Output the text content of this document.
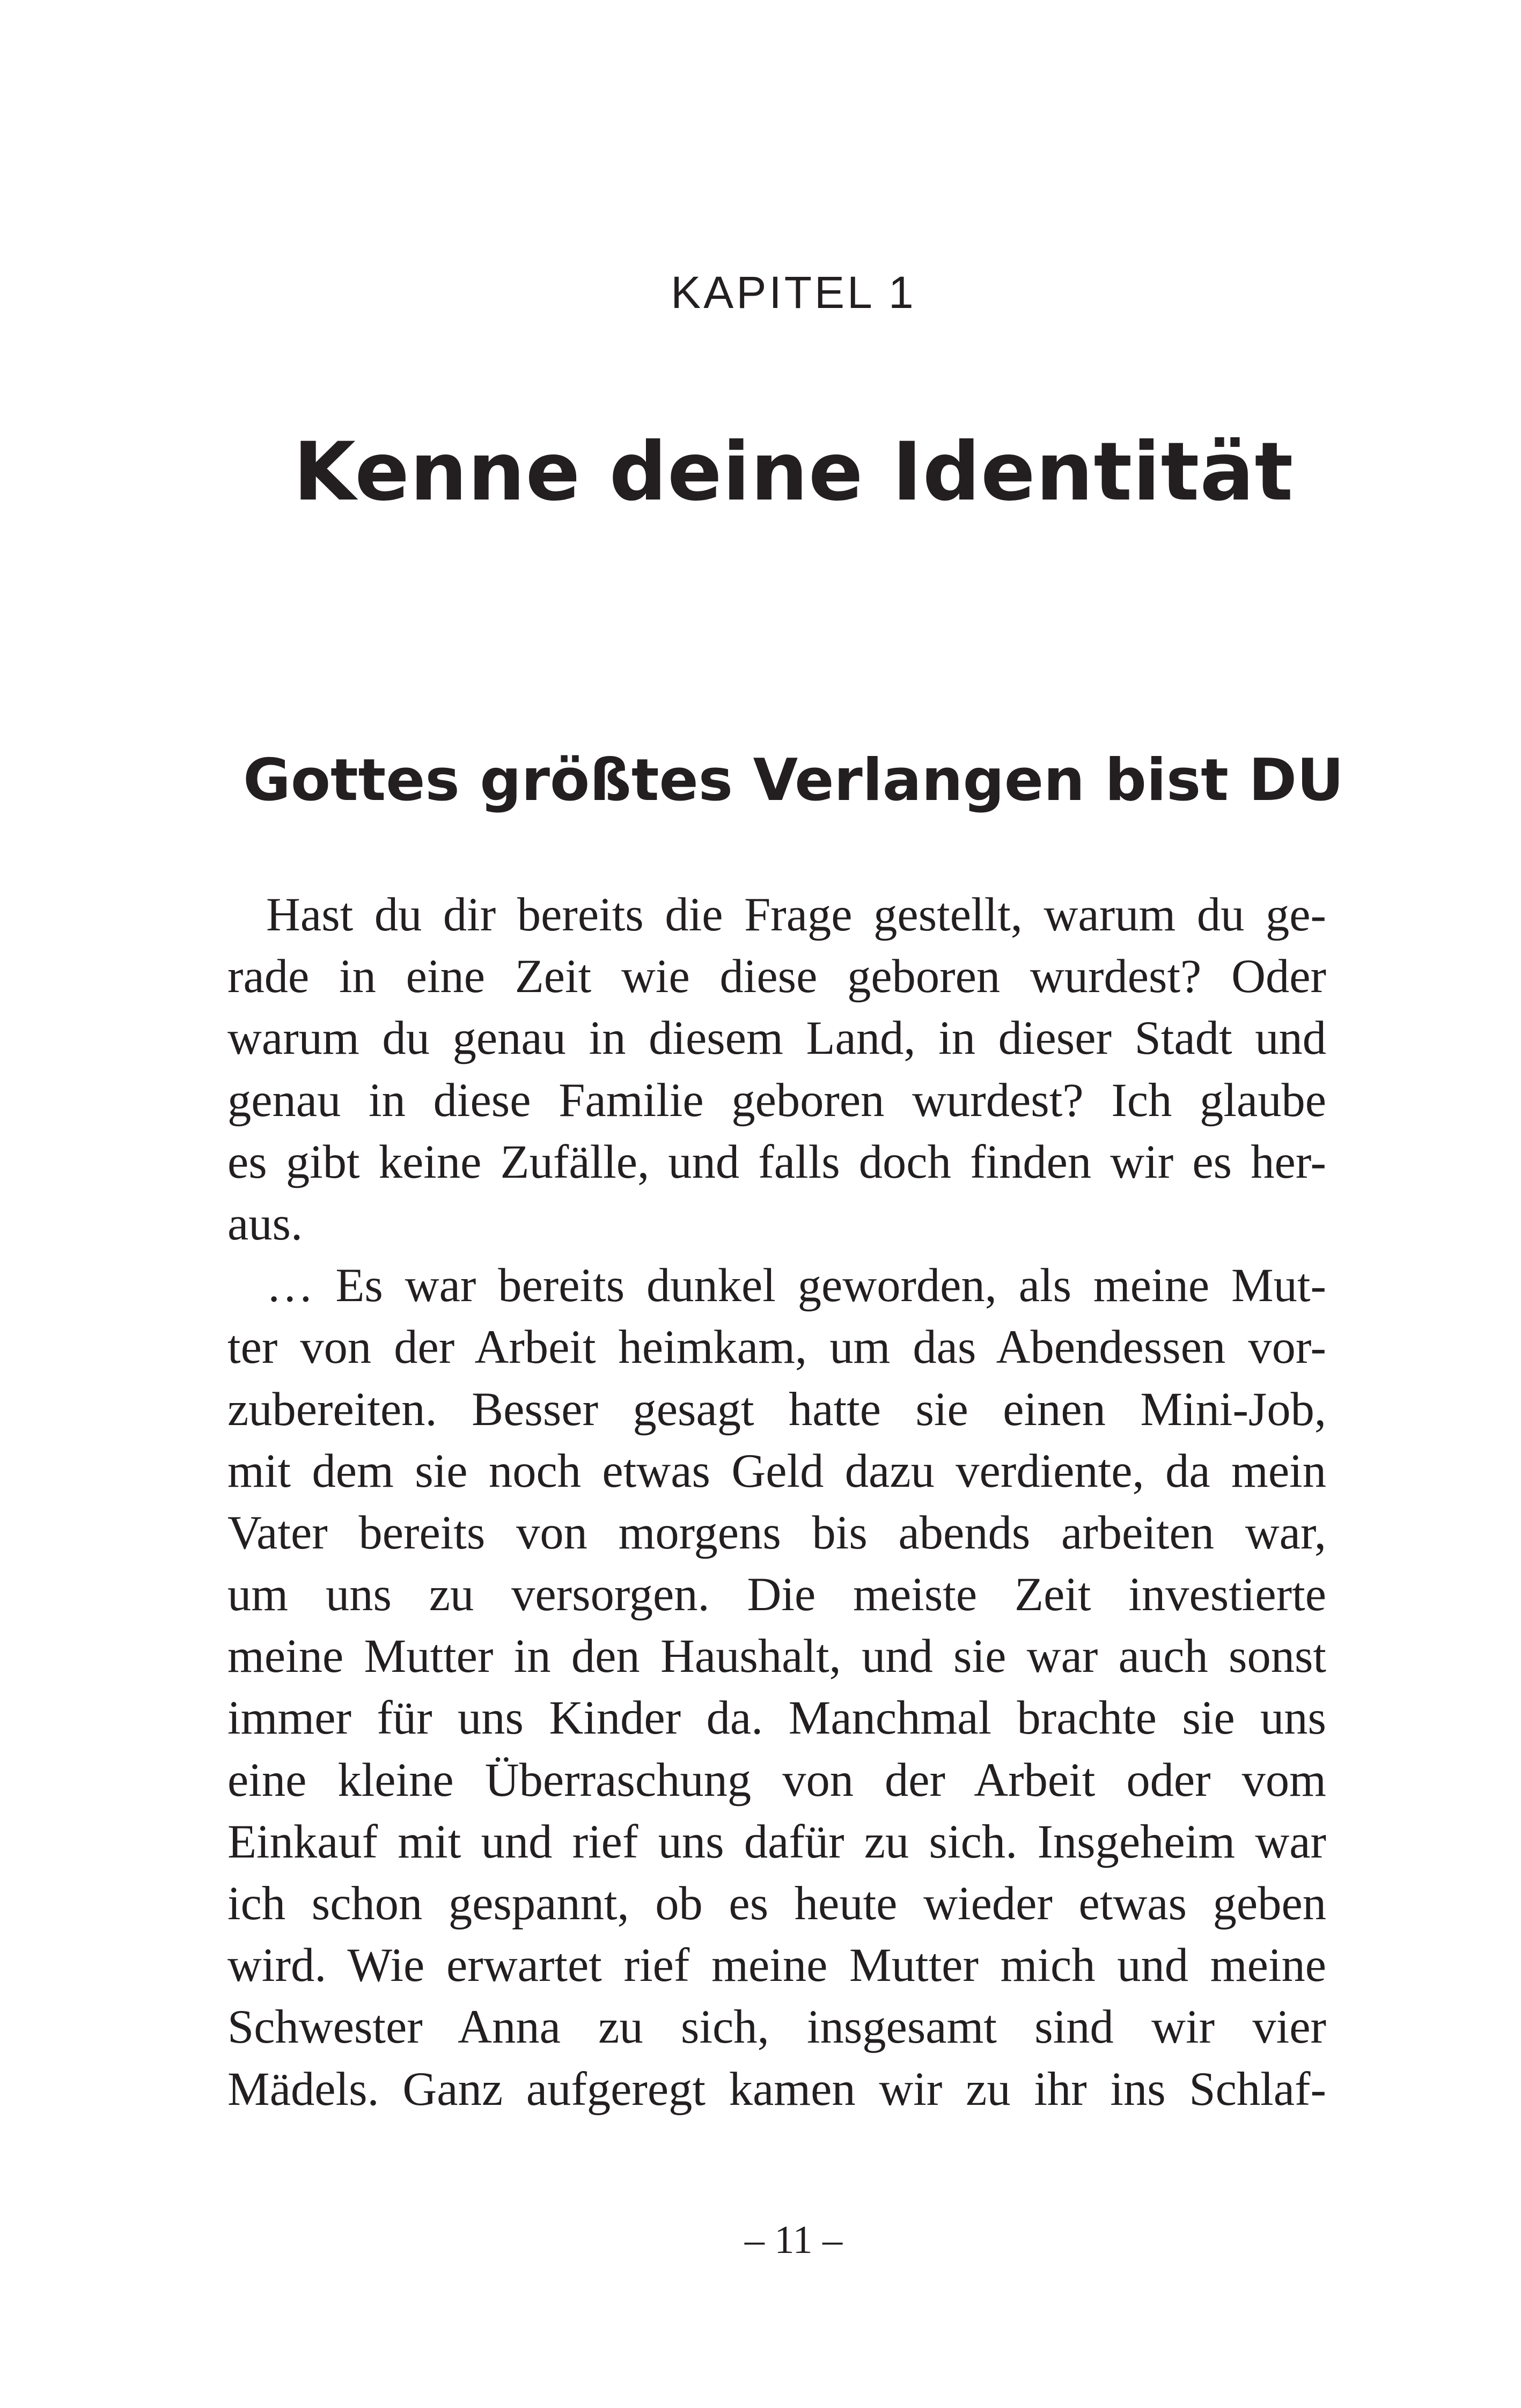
KAPITEL 1
Kenne deine Identität
Gottes größtes Verlangen bist DU
Hast du dir bereits die Frage gestellt, warum du ge-
rade in eine Zeit wie diese geboren wurdest? Oder
warum du genau in diesem Land, in dieser Stadt und
genau in diese Familie geboren wurdest? Ich glaube
es gibt keine Zufälle, und falls doch finden wir es her-
aus.
… Es war bereits dunkel geworden, als meine Mut-
ter von der Arbeit heimkam, um das Abendessen vor-
zubereiten. Besser gesagt hatte sie einen Mini-Job,
mit dem sie noch etwas Geld dazu verdiente, da mein
Vater bereits von morgens bis abends arbeiten war,
um uns zu versorgen. Die meiste Zeit investierte
meine Mutter in den Haushalt, und sie war auch sonst
immer für uns Kinder da. Manchmal brachte sie uns
eine kleine Überraschung von der Arbeit oder vom
Einkauf mit und rief uns dafür zu sich. Insgeheim war
ich schon gespannt, ob es heute wieder etwas geben
wird. Wie erwartet rief meine Mutter mich und meine
Schwester Anna zu sich, insgesamt sind wir vier
Mädels. Ganz aufgeregt kamen wir zu ihr ins Schlaf-
– 11 –
